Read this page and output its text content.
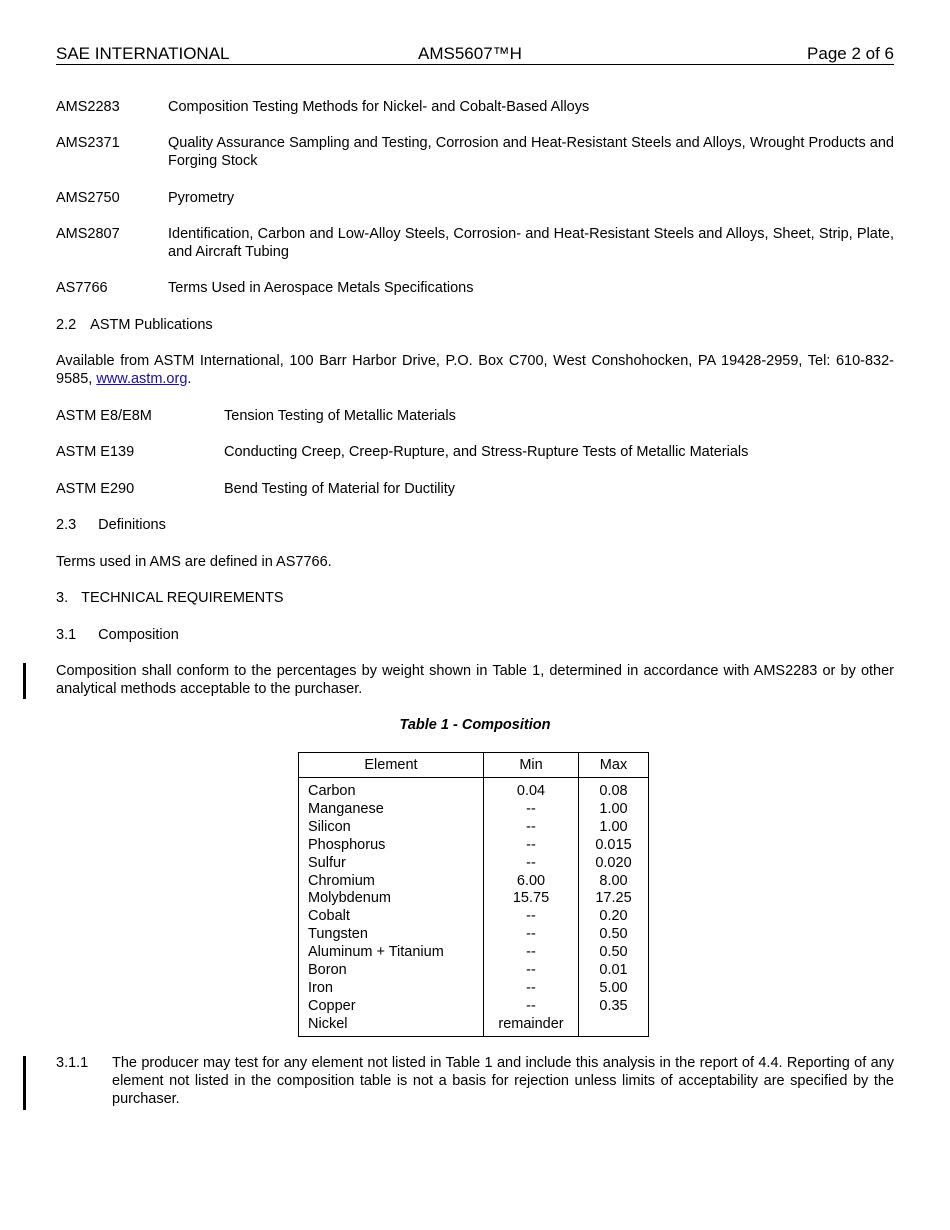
SAE INTERNATIONAL	AMS5607™H	Page 2 of 6
AMS2283	Composition Testing Methods for Nickel- and Cobalt-Based Alloys
AMS2371	Quality Assurance Sampling and Testing, Corrosion and Heat-Resistant Steels and Alloys, Wrought Products and Forging Stock
AMS2750	Pyrometry
AMS2807	Identification, Carbon and Low-Alloy Steels, Corrosion- and Heat-Resistant Steels and Alloys, Sheet, Strip, Plate, and Aircraft Tubing
AS7766	Terms Used in Aerospace Metals Specifications
2.2 ASTM Publications
Available from ASTM International, 100 Barr Harbor Drive, P.O. Box C700, West Conshohocken, PA 19428-2959, Tel: 610-832-9585, www.astm.org.
ASTM E8/E8M	Tension Testing of Metallic Materials
ASTM E139	Conducting Creep, Creep-Rupture, and Stress-Rupture Tests of Metallic Materials
ASTM E290	Bend Testing of Material for Ductility
2.3 Definitions
Terms used in AMS are defined in AS7766.
3. TECHNICAL REQUIREMENTS
3.1 Composition
Composition shall conform to the percentages by weight shown in Table 1, determined in accordance with AMS2283 or by other analytical methods acceptable to the purchaser.
Table 1 - Composition
Element	Min	Max
Carbon	0.04	0.08
Manganese	--	1.00
Silicon	--	1.00
Phosphorus	--	0.015
Sulfur	--	0.020
Chromium	6.00	8.00
Molybdenum	15.75	17.25
Cobalt	--	0.20
Tungsten	--	0.50
Aluminum + Titanium	--	0.50
Boron	--	0.01
Iron	--	5.00
Copper	--	0.35
Nickel	remainder	
3.1.1 The producer may test for any element not listed in Table 1 and include this analysis in the report of 4.4. Reporting of any element not listed in the composition table is not a basis for rejection unless limits of acceptability are specified by the purchaser.
